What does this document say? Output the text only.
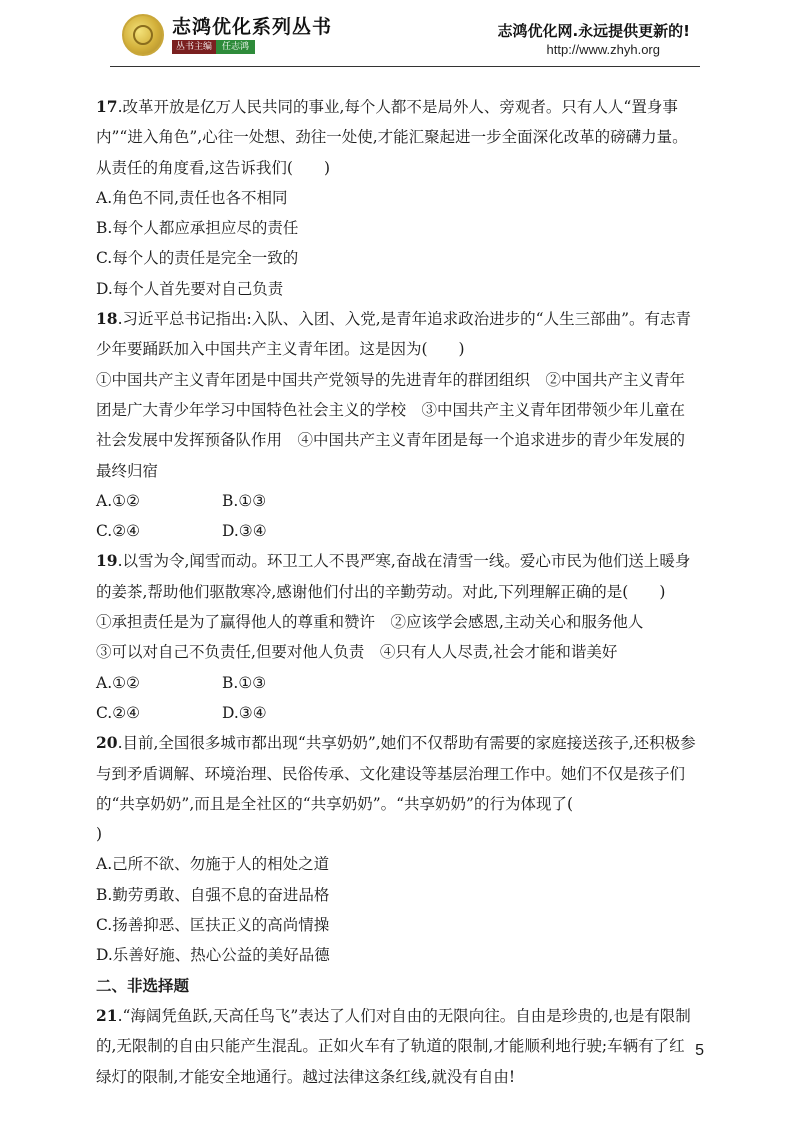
志鸿优化系列丛书
丛书主编	任志鸿
志鸿优化网.永远提供更新的!
http://www.zhyh.org

17.改革开放是亿万人民共同的事业,每个人都不是局外人、旁观者。只有人人“置身事内”“进入角色”,心往一处想、劲往一处使,才能汇聚起进一步全面深化改革的磅礴力量。从责任的角度看,这告诉我们(　　)

A.角色不同,责任也各不相同

B.每个人都应承担应尽的责任

C.每个人的责任是完全一致的

D.每个人首先要对自己负责

18.习近平总书记指出:入队、入团、入党,是青年追求政治进步的“人生三部曲”。有志青少年要踊跃加入中国共产主义青年团。这是因为(　　)

①中国共产主义青年团是中国共产党领导的先进青年的群团组织　②中国共产主义青年团是广大青少年学习中国特色社会主义的学校　③中国共产主义青年团带领少年儿童在社会发展中发挥预备队作用　④中国共产主义青年团是每一个追求进步的青少年发展的最终归宿

A.①②	B.①③
C.②④	D.③④

19.以雪为令,闻雪而动。环卫工人不畏严寒,奋战在清雪一线。爱心市民为他们送上暖身的姜茶,帮助他们驱散寒冷,感谢他们付出的辛勤劳动。对此,下列理解正确的是(　　)

①承担责任是为了赢得他人的尊重和赞许　②应该学会感恩,主动关心和服务他人

③可以对自己不负责任,但要对他人负责　④只有人人尽责,社会才能和谐美好

A.①②	B.①③
C.②④	D.③④

20.目前,全国很多城市都出现“共享奶奶”,她们不仅帮助有需要的家庭接送孩子,还积极参与到矛盾调解、环境治理、民俗传承、文化建设等基层治理工作中。她们不仅是孩子们的“共享奶奶”,而且是全社区的“共享奶奶”。“共享奶奶”的行为体现了(

)

A.己所不欲、勿施于人的相处之道

B.勤劳勇敢、自强不息的奋进品格

C.扬善抑恶、匡扶正义的高尚情操

D.乐善好施、热心公益的美好品德

二、非选择题

21.“海阔凭鱼跃,天高任鸟飞”表达了人们对自由的无限向往。自由是珍贵的,也是有限制的,无限制的自由只能产生混乱。正如火车有了轨道的限制,才能顺利地行驶;车辆有了红绿灯的限制,才能安全地通行。越过法律这条红线,就没有自由!

5
